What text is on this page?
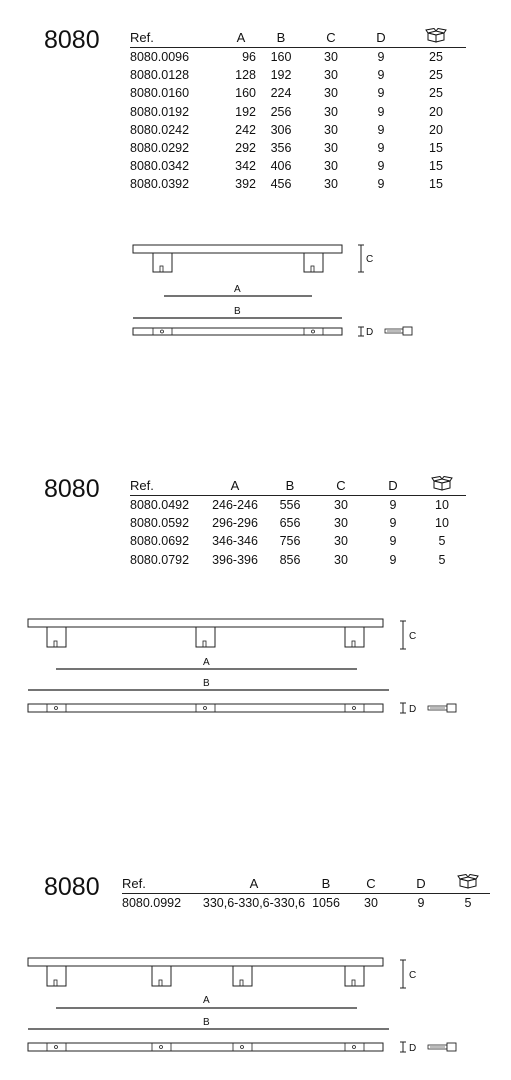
8080 Ref.	A	B	C	D	
8080.0096	96	160	30	9	25
8080.0128	128	192	30	9	25
8080.0160	160	224	30	9	25
8080.0192	192	256	30	9	20
8080.0242	242	306	30	9	20
8080.0292	292	356	30	9	15
8080.0342	342	406	30	9	15
8080.0392	392	456	30	9	15
C
A
B
D
8080 Ref.	A	B	C	D	
8080.0492	246-246	556	30	9	10
8080.0592	296-296	656	30	9	10
8080.0692	346-346	756	30	9	5
8080.0792	396-396	856	30	9	5
C
A
B
D
8080 Ref.	A	B	C	D	
8080.0992	330,6-330,6-330,6	1056	30	9	5
C
A
B
D
